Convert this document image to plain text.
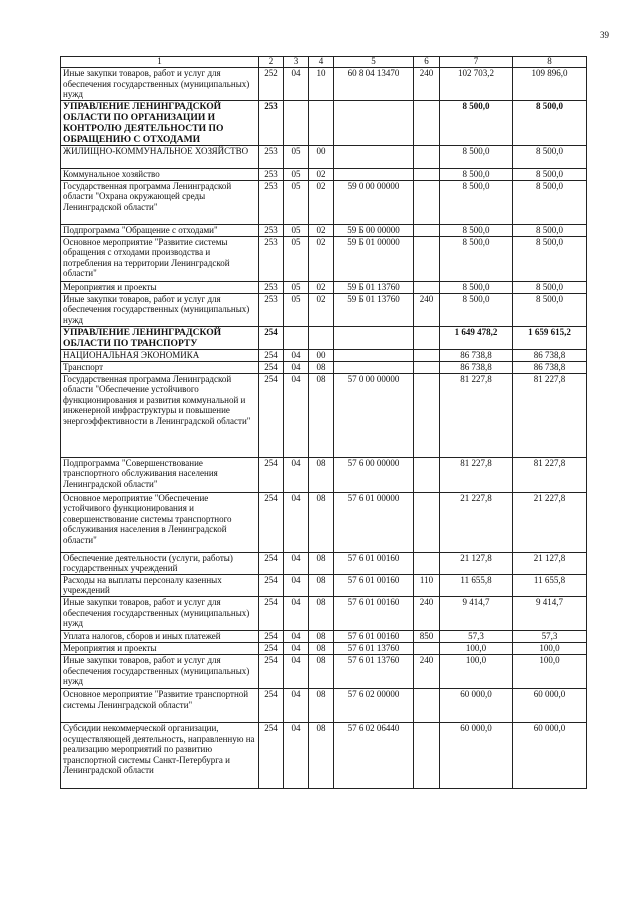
39
1	2	3	4	5	6	7	8
Иные закупки товаров, работ и услуг для обеспечения государственных (муниципальных) нужд	252	04	10	60 8 04 13470	240	102 703,2	109 896,0
УПРАВЛЕНИЕ ЛЕНИНГРАДСКОЙ ОБЛАСТИ ПО ОРГАНИЗАЦИИ И КОНТРОЛЮ ДЕЯТЕЛЬНОСТИ ПО ОБРАЩЕНИЮ С ОТХОДАМИ	253					8 500,0	8 500,0
ЖИЛИЩНО-КОММУНАЛЬНОЕ ХОЗЯЙСТВО	253	05	00			8 500,0	8 500,0
Коммунальное хозяйство	253	05	02			8 500,0	8 500,0
Государственная программа Ленинградской области "Охрана окружающей среды Ленинградской области"	253	05	02	59 0 00 00000		8 500,0	8 500,0
Подпрограмма "Обращение с отходами"	253	05	02	59 Б 00 00000		8 500,0	8 500,0
Основное мероприятие "Развитие системы обращения с отходами производства и потребления на территории Ленинградской области"	253	05	02	59 Б 01 00000		8 500,0	8 500,0
Мероприятия и проекты	253	05	02	59 Б 01 13760		8 500,0	8 500,0
Иные закупки товаров, работ и услуг для обеспечения государственных (муниципальных) нужд	253	05	02	59 Б 01 13760	240	8 500,0	8 500,0
УПРАВЛЕНИЕ ЛЕНИНГРАДСКОЙ ОБЛАСТИ ПО ТРАНСПОРТУ	254					1 649 478,2	1 659 615,2
НАЦИОНАЛЬНАЯ ЭКОНОМИКА	254	04	00			86 738,8	86 738,8
Транспорт	254	04	08			86 738,8	86 738,8
Государственная программа Ленинградской области "Обеспечение устойчивого функционирования и развития коммунальной и инженерной инфраструктуры и повышение энергоэффективности в Ленинградской области"	254	04	08	57 0 00 00000		81 227,8	81 227,8
Подпрограмма "Совершенствование транспортного обслуживания населения Ленинградской области"	254	04	08	57 6 00 00000		81 227,8	81 227,8
Основное мероприятие "Обеспечение устойчивого функционирования и совершенствование системы транспортного обслуживания населения в Ленинградской области"	254	04	08	57 6 01 00000		21 227,8	21 227,8
Обеспечение деятельности (услуги, работы) государственных учреждений	254	04	08	57 6 01 00160		21 127,8	21 127,8
Расходы на выплаты персоналу казенных учреждений	254	04	08	57 6 01 00160	110	11 655,8	11 655,8
Иные закупки товаров, работ и услуг для обеспечения государственных (муниципальных) нужд	254	04	08	57 6 01 00160	240	9 414,7	9 414,7
Уплата налогов, сборов и иных платежей	254	04	08	57 6 01 00160	850	57,3	57,3
Мероприятия и проекты	254	04	08	57 6 01 13760		100,0	100,0
Иные закупки товаров, работ и услуг для обеспечения государственных (муниципальных) нужд	254	04	08	57 6 01 13760	240	100,0	100,0
Основное мероприятие "Развитие транспортной системы Ленинградской области"	254	04	08	57 6 02 00000		60 000,0	60 000,0
Субсидии некоммерческой организации, осуществляющей деятельность, направленную на реализацию мероприятий по развитию транспортной системы Санкт-Петербурга и Ленинградской области	254	04	08	57 6 02 06440		60 000,0	60 000,0
